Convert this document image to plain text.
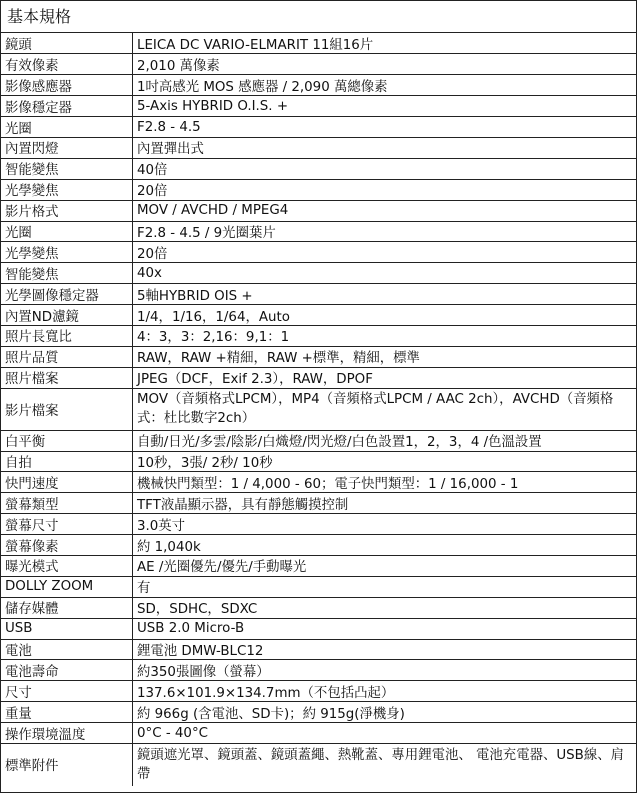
基本規格
鏡頭	LEICA DC VARIO-ELMARIT 11組16片
有效像素	2,010 萬像素
影像感應器	1吋高感光 MOS 感應器 / 2,090 萬總像素
影像穩定器	5-Axis HYBRID O.I.S. +
光圈	F2.8 - 4.5
內置閃燈	內置彈出式
智能變焦	40倍
光學變焦	20倍
影片格式	MOV / AVCHD / MPEG4
光圈	F2.8 - 4.5 / 9光圈葉片
光學變焦	20倍
智能變焦	40x
光學圖像穩定器	5軸HYBRID OIS +
內置ND濾鏡	1/4，1/16，1/64，Auto
照片長寬比	4：3，3：2,16：9,1：1
照片品質	RAW，RAW +精細，RAW +標準，精細，標準
照片檔案	JPEG（DCF，Exif 2.3），RAW，DPOF
影片檔案	MOV（音頻格式LPCM），MP4（音頻格式LPCM / AAC 2ch），AVCHD（音頻格式：杜比數字2ch）
白平衡	自動/日光/多雲/陰影/白熾燈/閃光燈/白色設置1，2，3，4 /色溫設置
自拍	10秒，3張/ 2秒/ 10秒
快門速度	機械快門類型：1 / 4,000 - 60；電子快門類型：1 / 16,000 - 1
螢幕類型	TFT液晶顯示器，具有靜態觸摸控制
螢幕尺寸	3.0英寸
螢幕像素	約 1,040k
曝光模式	AE /光圈優先/優先/手動曝光
DOLLY ZOOM	有
儲存媒體	SD，SDHC，SDXC
USB	USB 2.0 Micro-B
電池	鋰電池 DMW-BLC12
電池壽命	約350張圖像（螢幕）
尺寸	137.6×101.9×134.7mm（不包括凸起）
重量	約 966g (含電池、SD卡)；約 915g(淨機身)
操作環境溫度	0°C - 40°C
標準附件	鏡頭遮光罩、鏡頭蓋、鏡頭蓋繩、熱靴蓋、專用鋰電池、 電池充電器、USB線、肩帶
